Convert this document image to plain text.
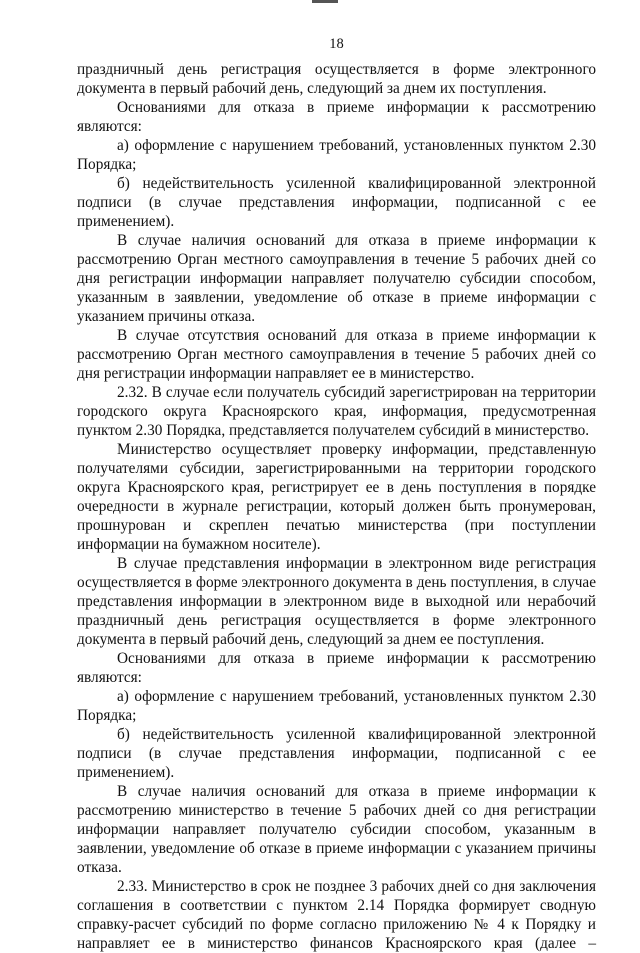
18

праздничный день регистрация осуществляется в форме электронного документа в первый рабочий день, следующий за днем их поступления.

Основаниями для отказа в приеме информации к рассмотрению являются:

а) оформление с нарушением требований, установленных пунктом 2.30 Порядка;

б) недействительность усиленной квалифицированной электронной подписи (в случае представления информации, подписанной с ее применением).

В случае наличия оснований для отказа в приеме информации к рассмотрению Орган местного самоуправления в течение 5 рабочих дней со дня регистрации информации направляет получателю субсидии способом, указанным в заявлении, уведомление об отказе в приеме информации с указанием причины отказа.

В случае отсутствия оснований для отказа в приеме информации к рассмотрению Орган местного самоуправления в течение 5 рабочих дней со дня регистрации информации направляет ее в министерство.

2.32. В случае если получатель субсидий зарегистрирован на территории городского округа Красноярского края, информация, предусмотренная пунктом 2.30 Порядка, представляется получателем субсидий в министерство.

Министерство осуществляет проверку информации, представленную получателями субсидии, зарегистрированными на территории городского округа Красноярского края, регистрирует ее в день поступления в порядке очередности в журнале регистрации, который должен быть пронумерован, прошнурован и скреплен печатью министерства (при поступлении информации на бумажном носителе).

В случае представления информации в электронном виде регистрация осуществляется в форме электронного документа в день поступления, в случае представления информации в электронном виде в выходной или нерабочий праздничный день регистрация осуществляется в форме электронного документа в первый рабочий день, следующий за днем ее поступления.

Основаниями для отказа в приеме информации к рассмотрению являются:

а) оформление с нарушением требований, установленных пунктом 2.30 Порядка;

б) недействительность усиленной квалифицированной электронной подписи (в случае представления информации, подписанной с ее применением).

В случае наличия оснований для отказа в приеме информации к рассмотрению министерство в течение 5 рабочих дней со дня регистрации информации направляет получателю субсидии способом, указанным в заявлении, уведомление об отказе в приеме информации с указанием причины отказа.

2.33. Министерство в срок не позднее 3 рабочих дней со дня заключения соглашения в соответствии с пунктом 2.14 Порядка формирует сводную справку-расчет субсидий по форме согласно приложению № 4 к Порядку и направляет ее в министерство финансов Красноярского края (далее –
